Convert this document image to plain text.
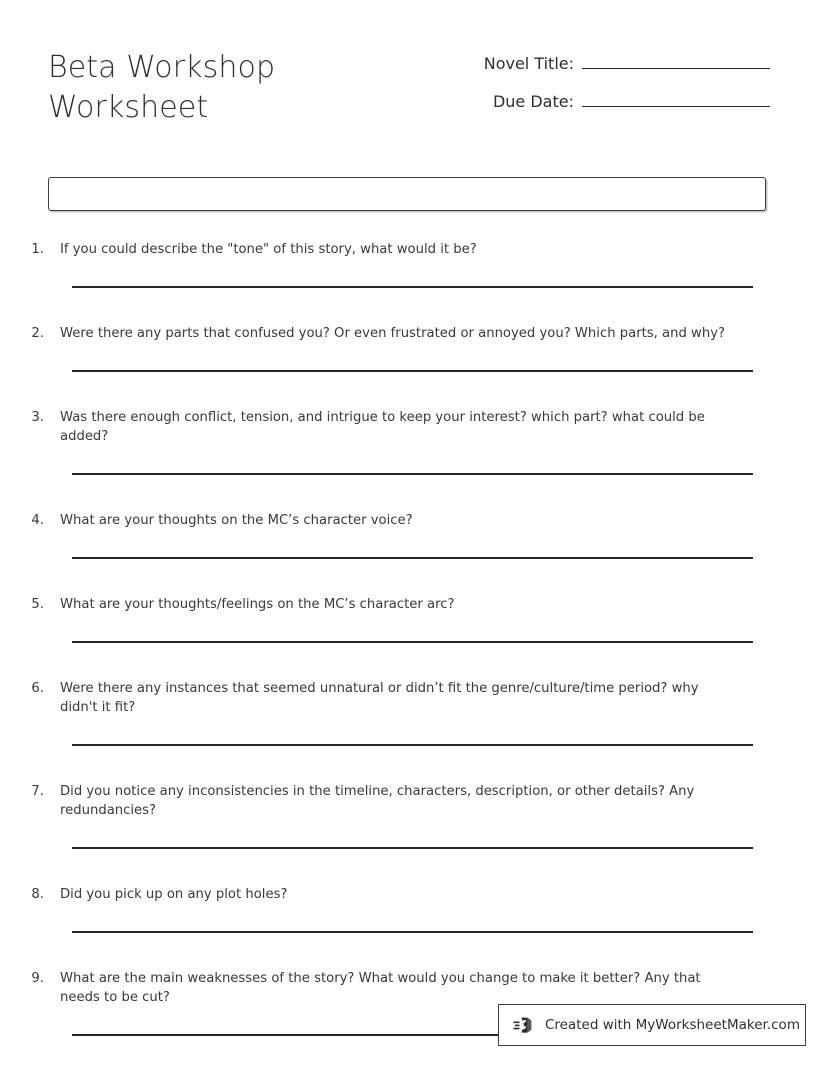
Beta Workshop
Worksheet
Novel Title:
Due Date:
1.	If you could describe the "tone" of this story, what would it be?
2.	Were there any parts that confused you? Or even frustrated or annoyed you? Which parts, and why?
3.	Was there enough conflict, tension, and intrigue to keep your interest? which part? what could be added?
4.	What are your thoughts on the MC’s character voice?
5.	What are your thoughts/feelings on the MC’s character arc?
6.	Were there any instances that seemed unnatural or didn’t fit the genre/culture/time period? why didn't it fit?
7.	Did you notice any inconsistencies in the timeline, characters, description, or other details? Any redundancies?
8.	Did you pick up on any plot holes?
9.	What are the main weaknesses of the story? What would you change to make it better? Any that needs to be cut?
Created with MyWorksheetMaker.com
